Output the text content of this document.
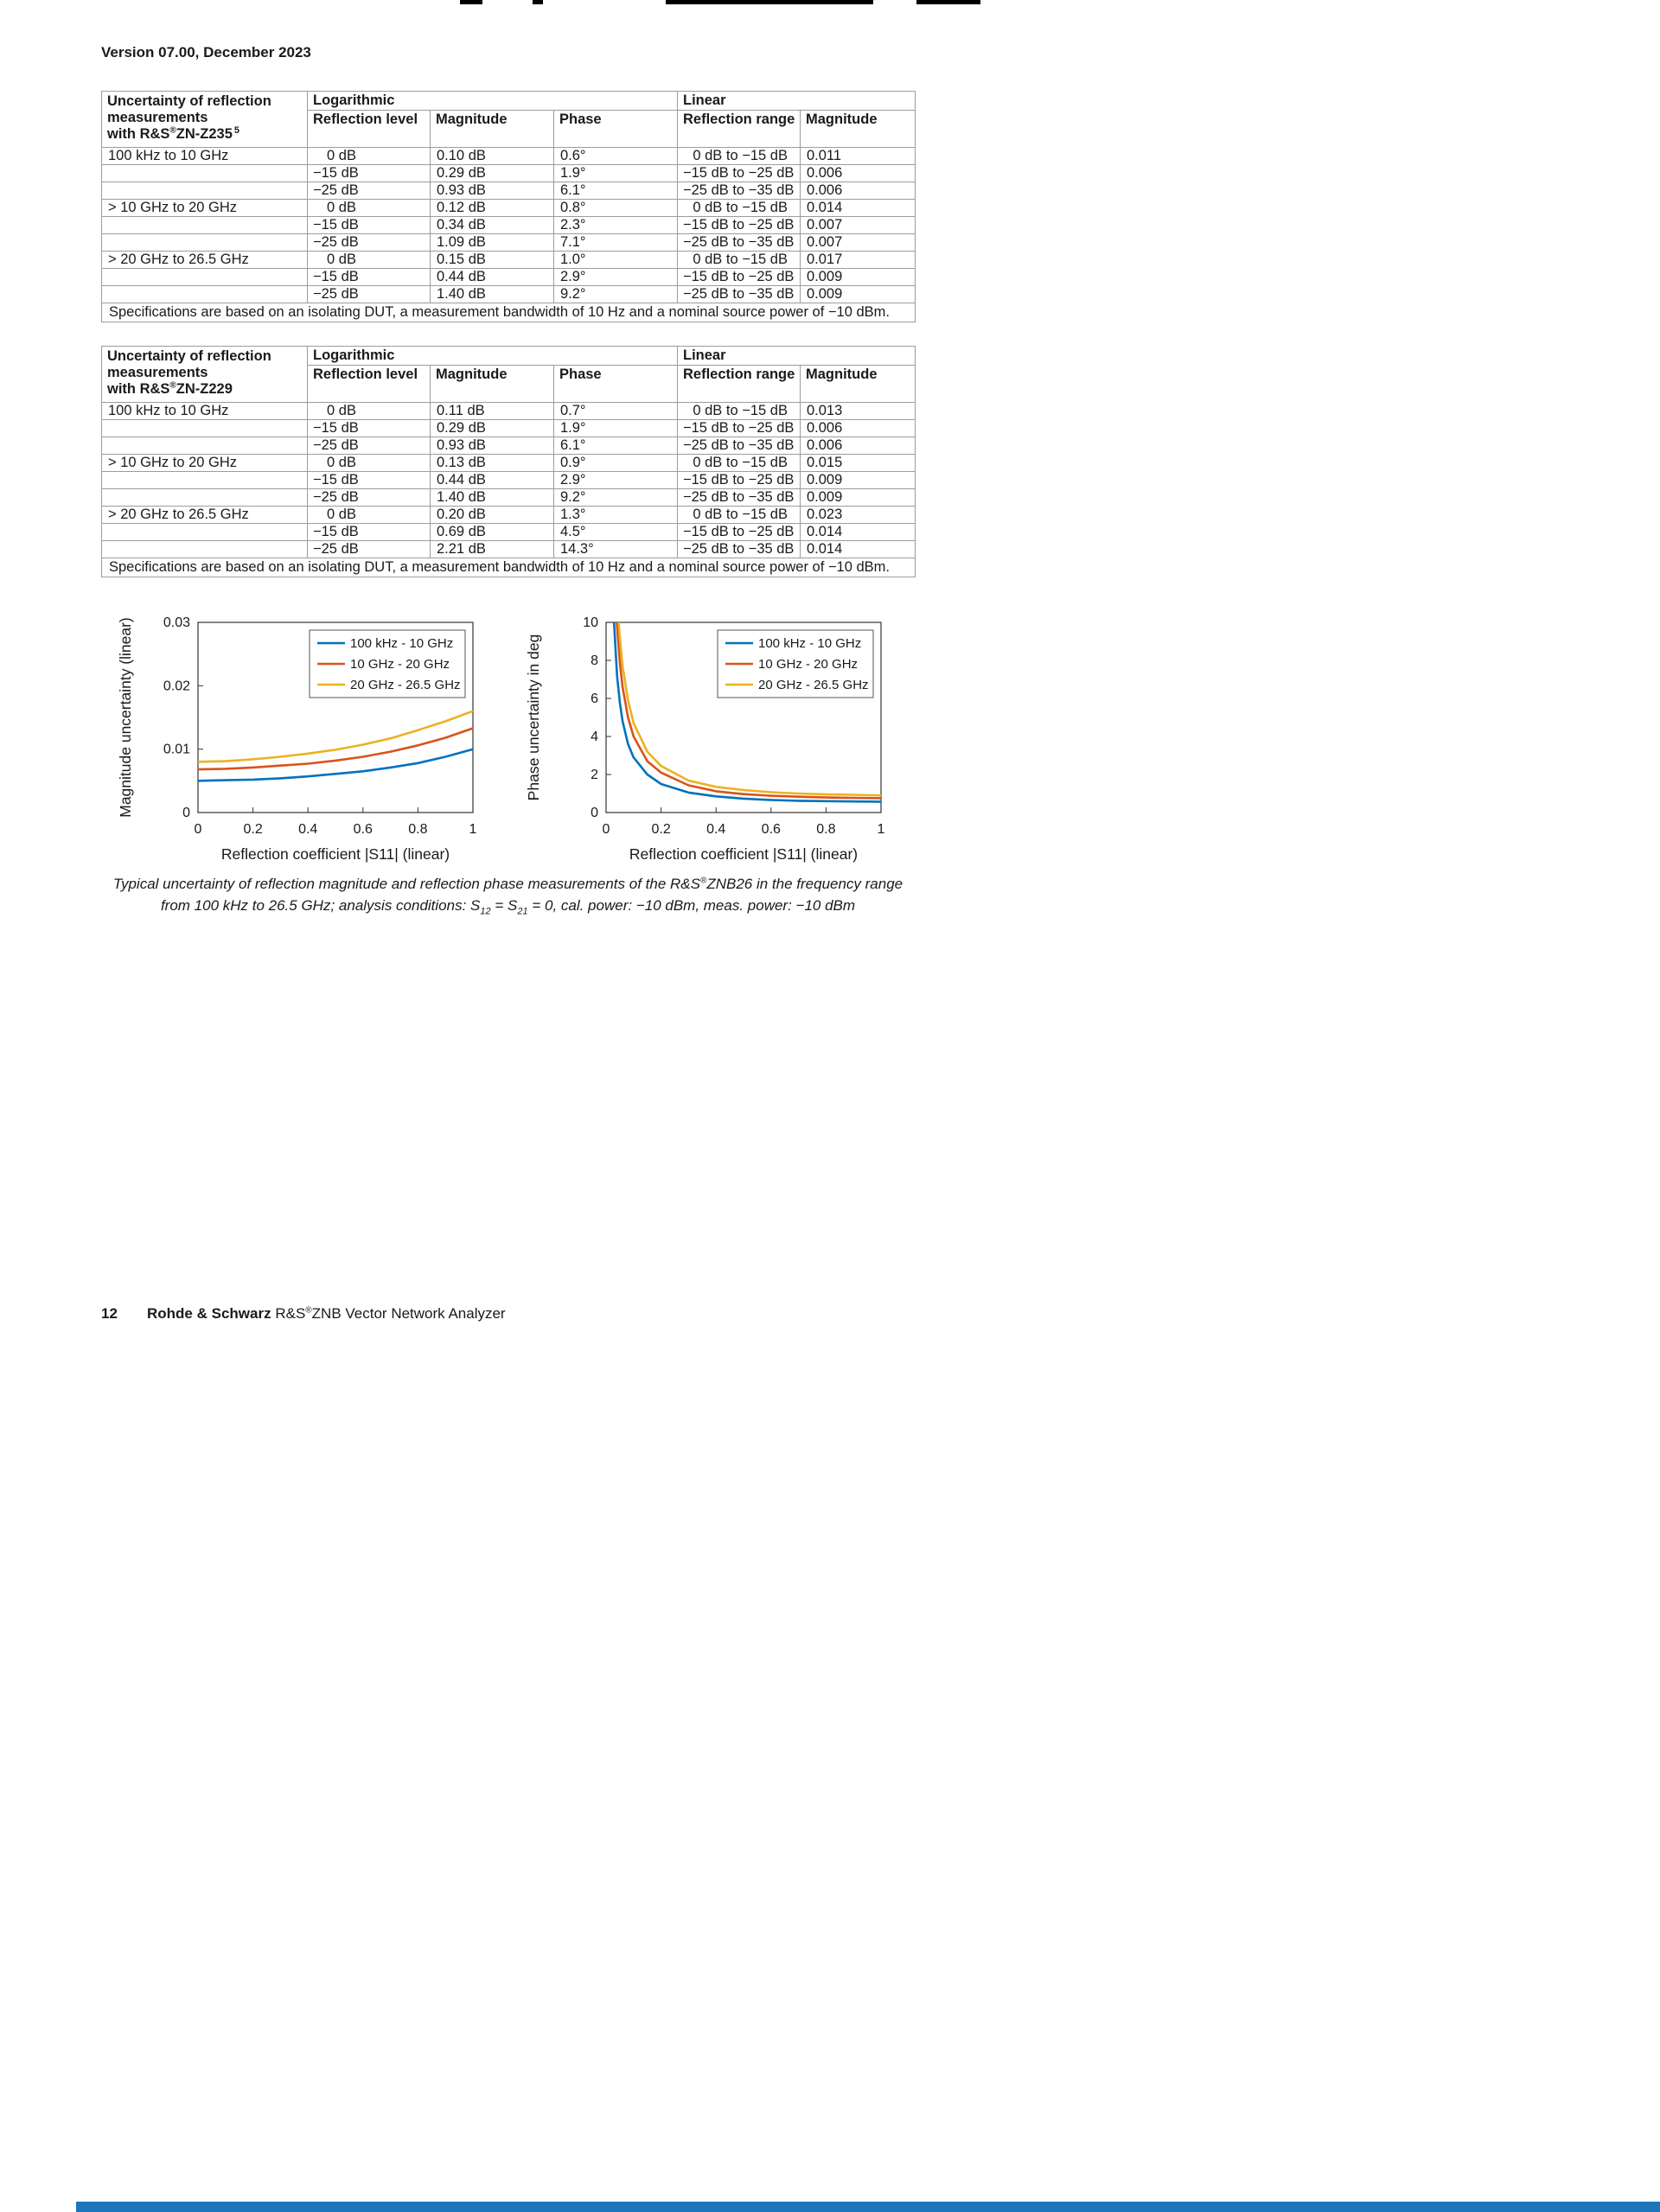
Version 07.00, December 2023
Uncertainty of reflection
measurements
with R&S®ZN-Z235 $^5$	Logarithmic			Linear	
	Reflection level	Magnitude	Phase	Reflection range	Magnitude
100 kHz to 10 GHz	0 dB	0.10 dB	0.6°	0 dB to −15 dB	0.011
	−15 dB	0.29 dB	1.9°	−15 dB to −25 dB	0.006
	−25 dB	0.93 dB	6.1°	−25 dB to −35 dB	0.006
> 10 GHz to 20 GHz	0 dB	0.12 dB	0.8°	0 dB to −15 dB	0.014
	−15 dB	0.34 dB	2.3°	−15 dB to −25 dB	0.007
	−25 dB	1.09 dB	7.1°	−25 dB to −35 dB	0.007
> 20 GHz to 26.5 GHz	0 dB	0.15 dB	1.0°	0 dB to −15 dB	0.017
	−15 dB	0.44 dB	2.9°	−15 dB to −25 dB	0.009
	−25 dB	1.40 dB	9.2°	−25 dB to −35 dB	0.009
Specifications are based on an isolating DUT, a measurement bandwidth of 10 Hz and a nominal source power of −10 dBm.					
Uncertainty of reflection
measurements
with R&S®ZN-Z229	Logarithmic			Linear	
	Reflection level	Magnitude	Phase	Reflection range	Magnitude
100 kHz to 10 GHz	0 dB	0.11 dB	0.7°	0 dB to −15 dB	0.013
	−15 dB	0.29 dB	1.9°	−15 dB to −25 dB	0.006
	−25 dB	0.93 dB	6.1°	−25 dB to −35 dB	0.006
> 10 GHz to 20 GHz	0 dB	0.13 dB	0.9°	0 dB to −15 dB	0.015
	−15 dB	0.44 dB	2.9°	−15 dB to −25 dB	0.009
	−25 dB	1.40 dB	9.2°	−25 dB to −35 dB	0.009
> 20 GHz to 26.5 GHz	0 dB	0.20 dB	1.3°	0 dB to −15 dB	0.023
	−15 dB	0.69 dB	4.5°	−15 dB to −25 dB	0.014
	−25 dB	2.21 dB	14.3°	−25 dB to −35 dB	0.014
Specifications are based on an isolating DUT, a measurement bandwidth of 10 Hz and a nominal source power of −10 dBm.					
0	0.2	0.4	0.6	0.8	1
0
0.01
0.02
0.03
Reflection coefficient |S11| (linear)
Magnitude uncertainty (linear)	100 kHz - 10 GHz
10 GHz - 20 GHz
20 GHz - 26.5 GHz
0	0.2	0.4	0.6	0.8	1
0
2
4
6
8
10
Reflection coefficient |S11| (linear)
Phase uncertainty in deg	100 kHz - 10 GHz
10 GHz - 20 GHz
20 GHz - 26.5 GHz
Typical uncertainty of reflection magnitude and reflection phase measurements of the R&S®ZNB26 in the frequency range
from 100 kHz to 26.5 GHz; analysis conditions: $S_{12} = S_{21} = 0$, cal. power: −10 dBm, meas. power: −10 dBm
12 Rohde & Schwarz R&S®ZNB Vector Network Analyzer
